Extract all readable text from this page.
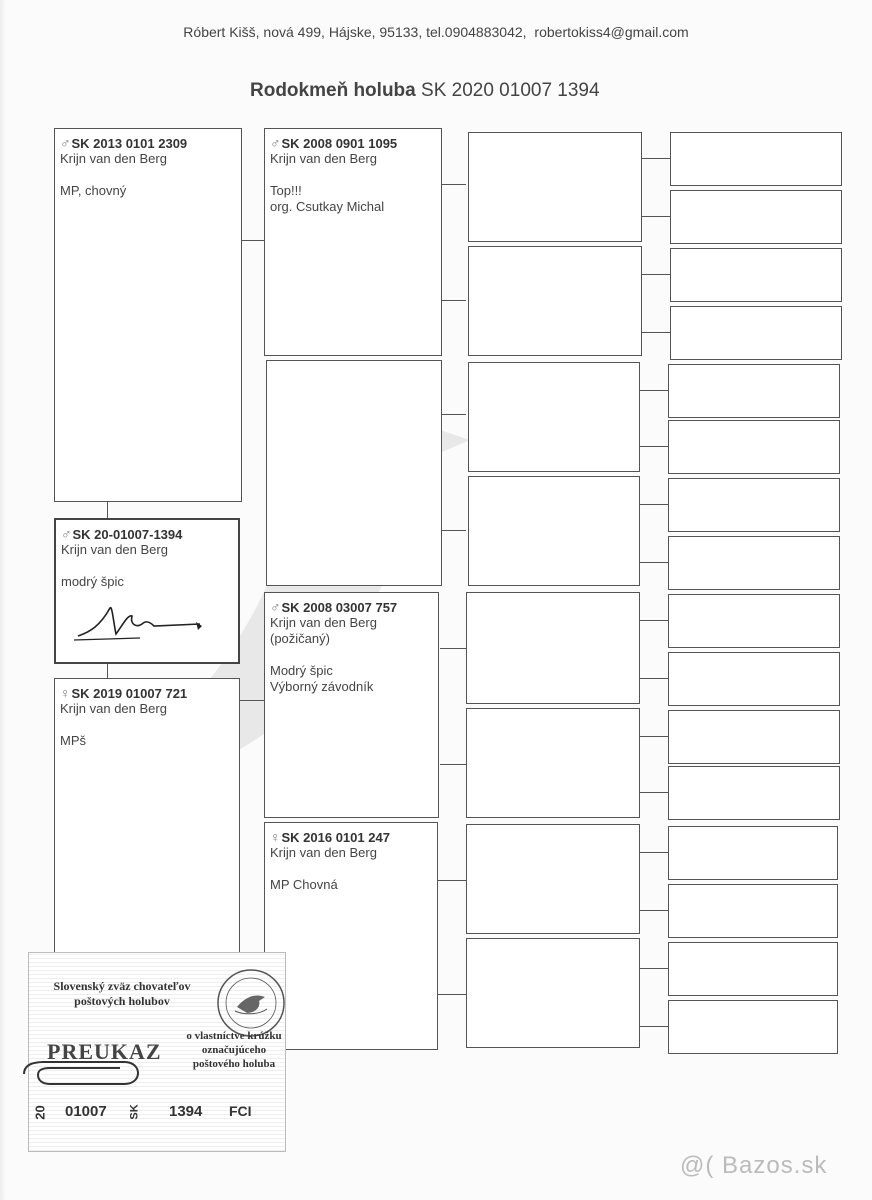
Róbert Kišš, nová 499, Hájske, 95133, tel.0904883042, robertokiss4@gmail.com
Rodokmeň holuba SK 2020 01007 1394
♂SK 2013 0101 2309
Krijn van den Berg
MP, chovný
♂SK 20-01007-1394
Krijn van den Berg
modrý špic
♀SK 2019 01007 721
Krijn van den Berg
MPš
♂SK 2008 0901 1095
Krijn van den Berg
Top!!!
org. Csutkay Michal
♂SK 2008 03007 757
Krijn van den Berg
(požičaný)
Modrý špic
Výborný závodník
♀SK 2016 0101 247
Krijn van den Berg
MP Chovná
Slovenský zväz chovateľov poštových holubov
PREUKAZ
o vlastníctve krúžku označujúceho poštového holuba
20 01007 SK 1394 FCI
@( Bazos.sk
